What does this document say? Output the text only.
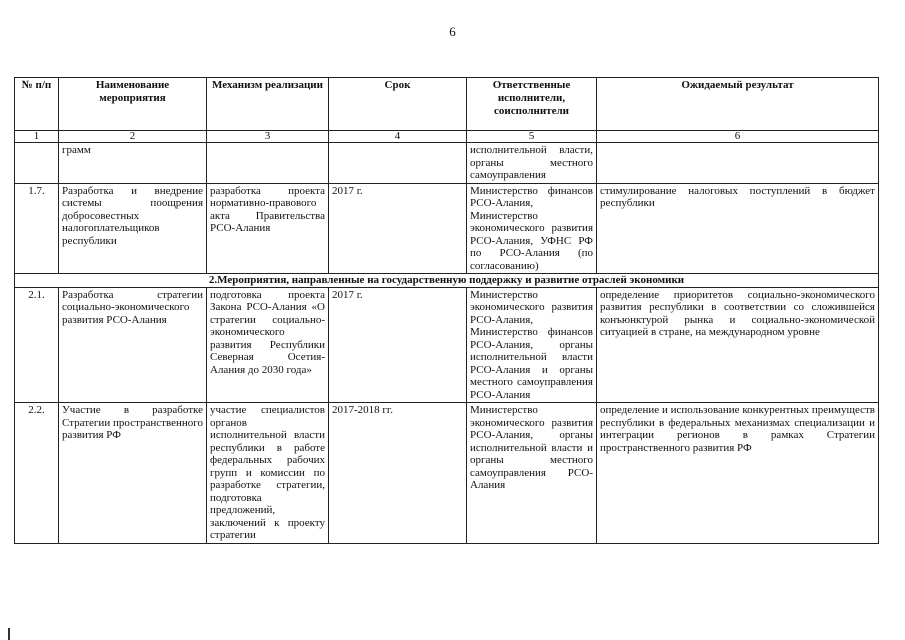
6
№ п/п	Наименование мероприятия	Механизм реализации	Срок	Ответственные исполнители, соисполнители	Ожидаемый результат
1	2	3	4	5	6
	грамм			исполнительной власти, органы местного самоуправления	
1.7.	Разработка и внедрение системы поощрения добросовестных налогоплательщиков республики	разработка проекта нормативно-правового акта Правительства РСО-Алания	2017 г.	Министерство финансов РСО-Алания, Министерство экономического развития РСО-Алания, УФНС РФ по РСО-Алания (по согласованию)	стимулирование налоговых поступлений в бюджет республики
2.Мероприятия, направленные на государственную поддержку и развитие отраслей экономики					
2.1.	Разработка стратегии социально-экономического развития РСО-Алания	подготовка проекта Закона РСО-Алания «О стратегии социально-экономического развития Республики Северная Осетия-Алания до 2030 года»	2017 г.	Министерство экономического развития РСО-Алания, Министерство финансов РСО-Алания, органы исполнительной власти РСО-Алания и органы местного самоуправления РСО-Алания	определение приоритетов социально-экономического развития республики в соответствии со сложившейся конъюнктурой рынка и социально-экономической ситуацией в стране, на международном уровне
2.2.	Участие в разработке Стратегии пространственного развития РФ	участие специалистов органов исполнительной власти республики в работе федеральных рабочих групп и комиссии по разработке стратегии, подготовка предложений, заключений к проекту стратегии	2017-2018 гг.	Министерство экономического развития РСО-Алания, органы исполнительной власти и органы местного самоуправления РСО-Алания	определение и использование конкурентных преимуществ республики в федеральных механизмах специализации и интеграции регионов в рамках Стратегии пространственного развития РФ
